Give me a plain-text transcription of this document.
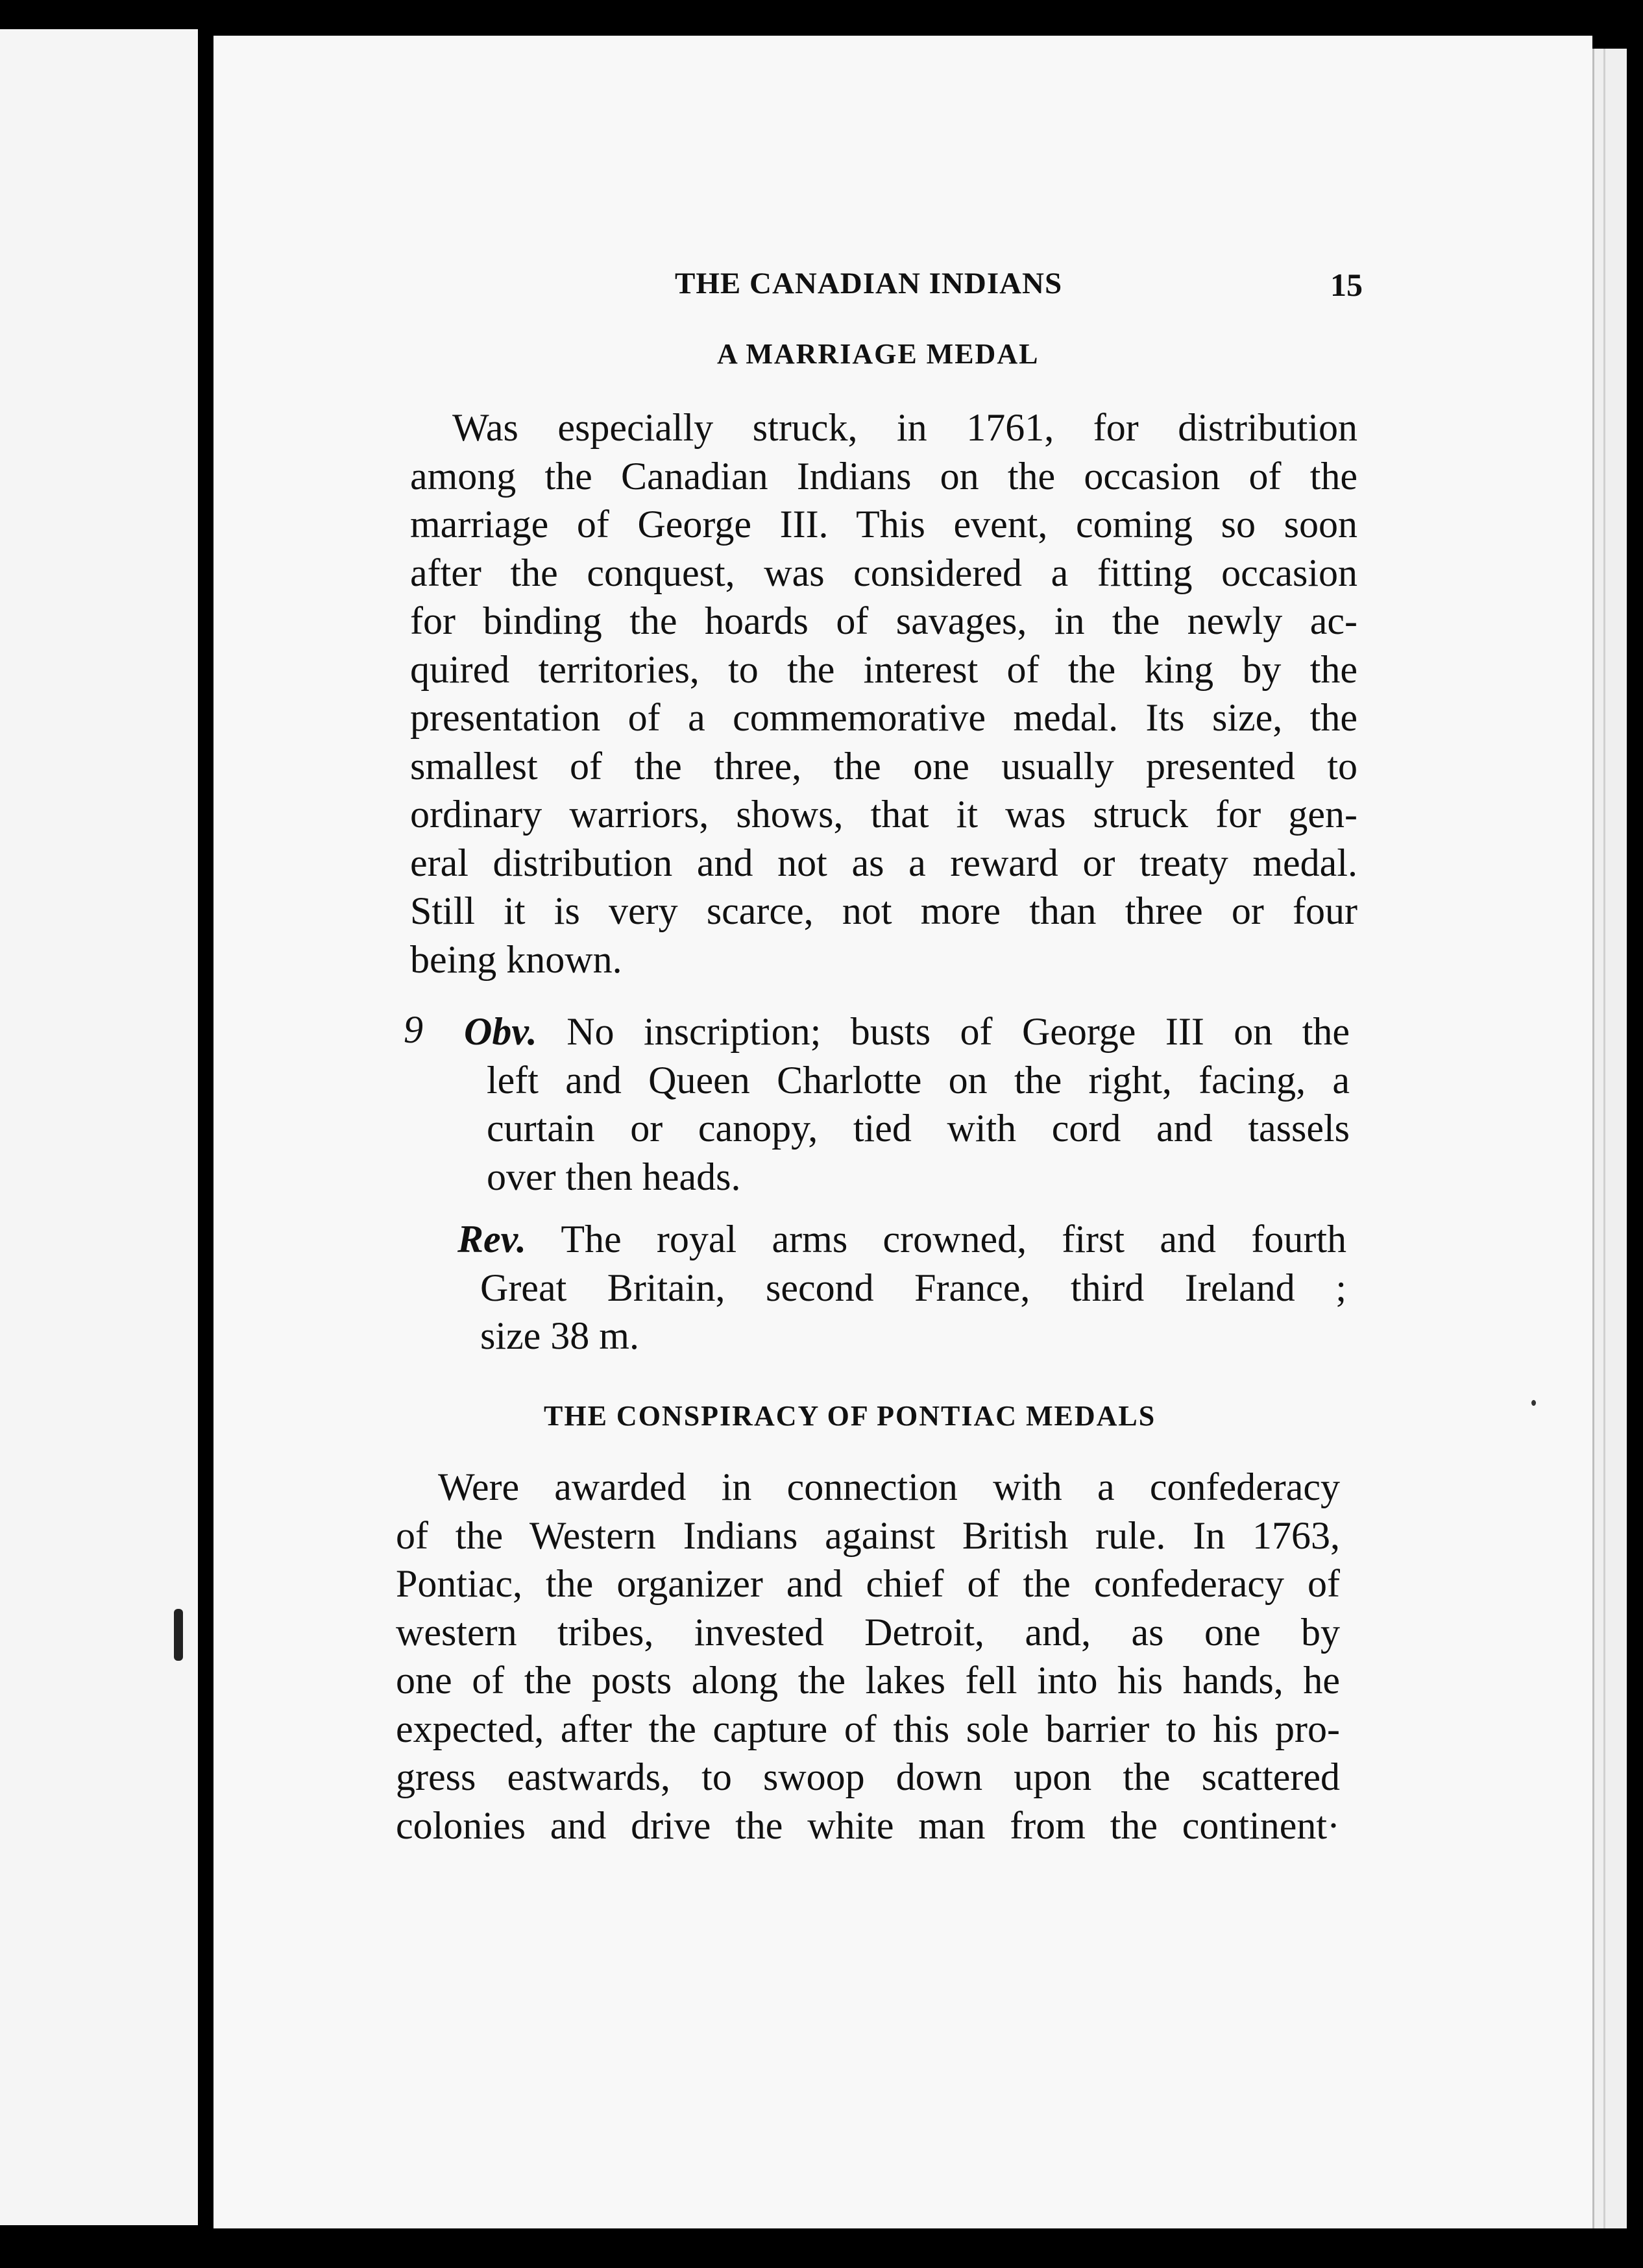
THE CANADIAN INDIANS	15
A MARRIAGE MEDAL
Was especially struck, in 1761, for distribution
among the Canadian Indians on the occasion of the
marriage of George III. This event, coming so soon
after the conquest, was considered a fitting occasion
for binding the hoards of savages, in the newly ac-
quired territories, to the interest of the king by the
presentation of a commemorative medal. Its size, the
smallest of the three, the one usually presented to
ordinary warriors, shows, that it was struck for gen-
eral distribution and not as a reward or treaty medal.
Still it is very scarce, not more than three or four
being known.
9 Obv. No inscription; busts of George III on the
left and Queen Charlotte on the right, facing, a
curtain or canopy, tied with cord and tassels
over then heads.
Rev. The royal arms crowned, first and fourth
Great Britain, second France, third Ireland ;
size 38 m.
THE CONSPIRACY OF PONTIAC MEDALS
Were awarded in connection with a confederacy
of the Western Indians against British rule. In 1763,
Pontiac, the organizer and chief of the confederacy of
western tribes, invested Detroit, and, as one by
one of the posts along the lakes fell into his hands, he
expected, after the capture of this sole barrier to his pro-
gress eastwards, to swoop down upon the scattered
colonies and drive the white man from the continent·
